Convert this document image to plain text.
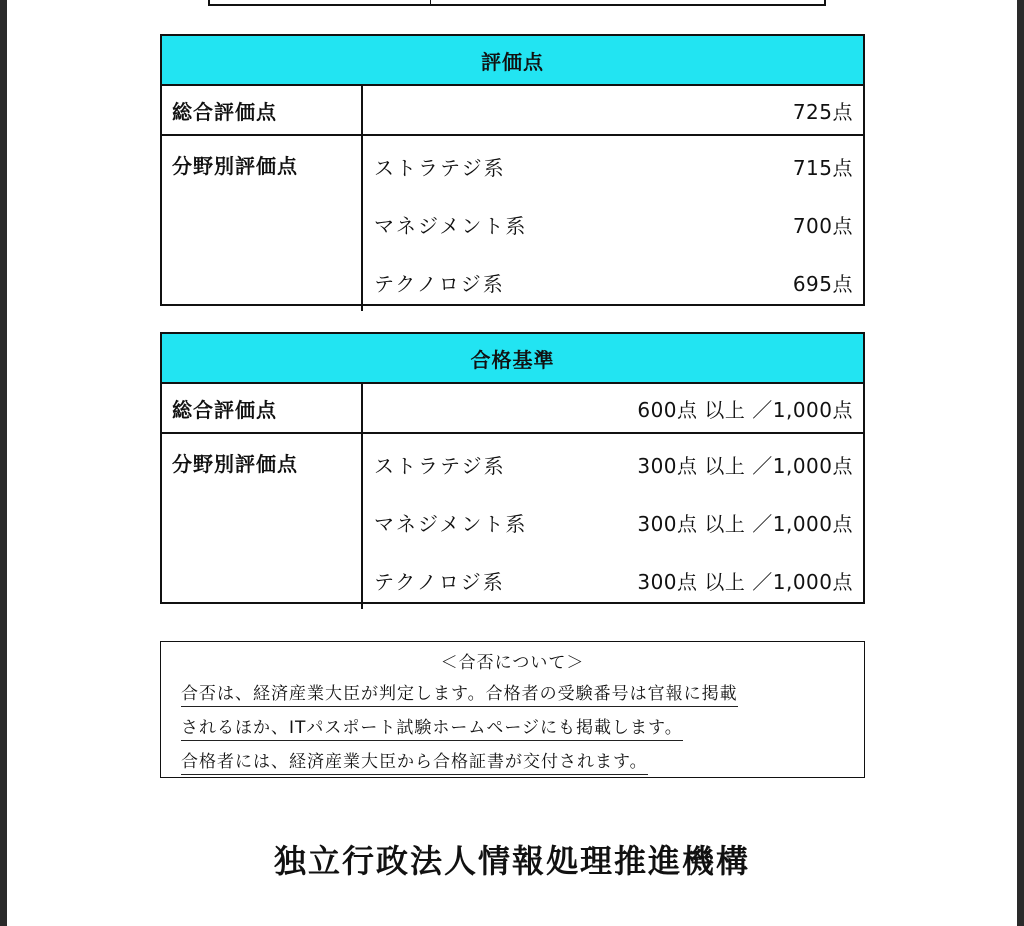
評価点
総合評価点	725点
分野別評価点	ストラテジ系	715点
マネジメント系	700点
テクノロジ系	695点
合格基準
総合評価点	600点 以上 ／1,000点
分野別評価点	ストラテジ系	300点 以上 ／1,000点
マネジメント系	300点 以上 ／1,000点
テクノロジ系	300点 以上 ／1,000点
＜合否について＞
合否は、経済産業大臣が判定します。合格者の受験番号は官報に掲載
されるほか、ITパスポート試験ホームページにも掲載します。
合格者には、経済産業大臣から合格証書が交付されます。
独立行政法人情報処理推進機構
